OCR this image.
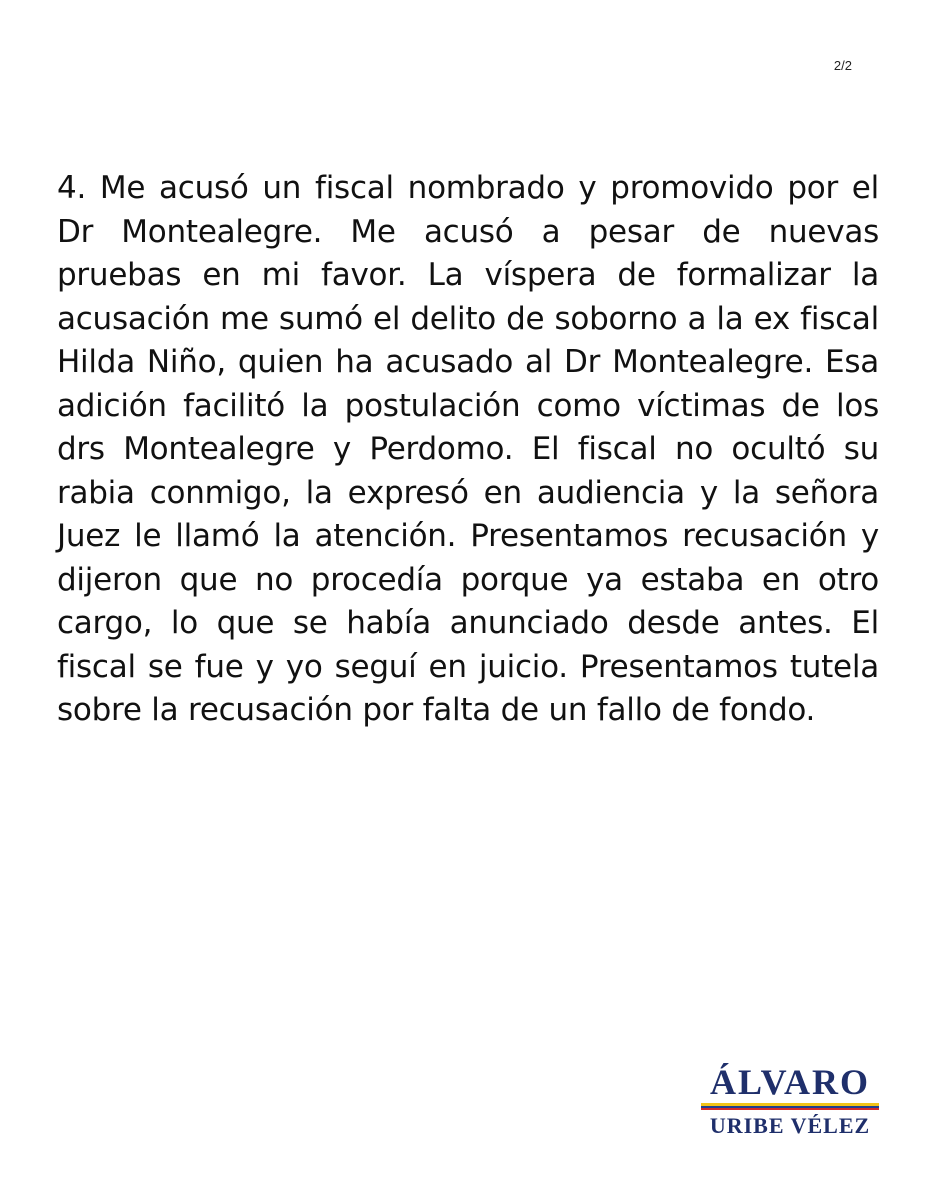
2/2

4. Me acusó un fiscal nombrado y promovido por el Dr Montealegre. Me acusó a pesar de nuevas pruebas en mi favor. La víspera de formalizar la acusación me sumó el delito de soborno a la ex fiscal Hilda Niño, quien ha acusado al Dr Montealegre. Esa adición facilitó la postulación como víctimas de los drs Montealegre y Perdomo. El fiscal no ocultó su rabia conmigo, la expresó en audiencia y la señora Juez le llamó la atención. Presentamos recusación y dijeron que no procedía porque ya estaba en otro cargo, lo que se había anunciado desde antes. El fiscal se fue y yo seguí en juicio. Presentamos tutela sobre la recusación por falta de un fallo de fondo.

ÁLVARO
URIBE VÉLEZ
